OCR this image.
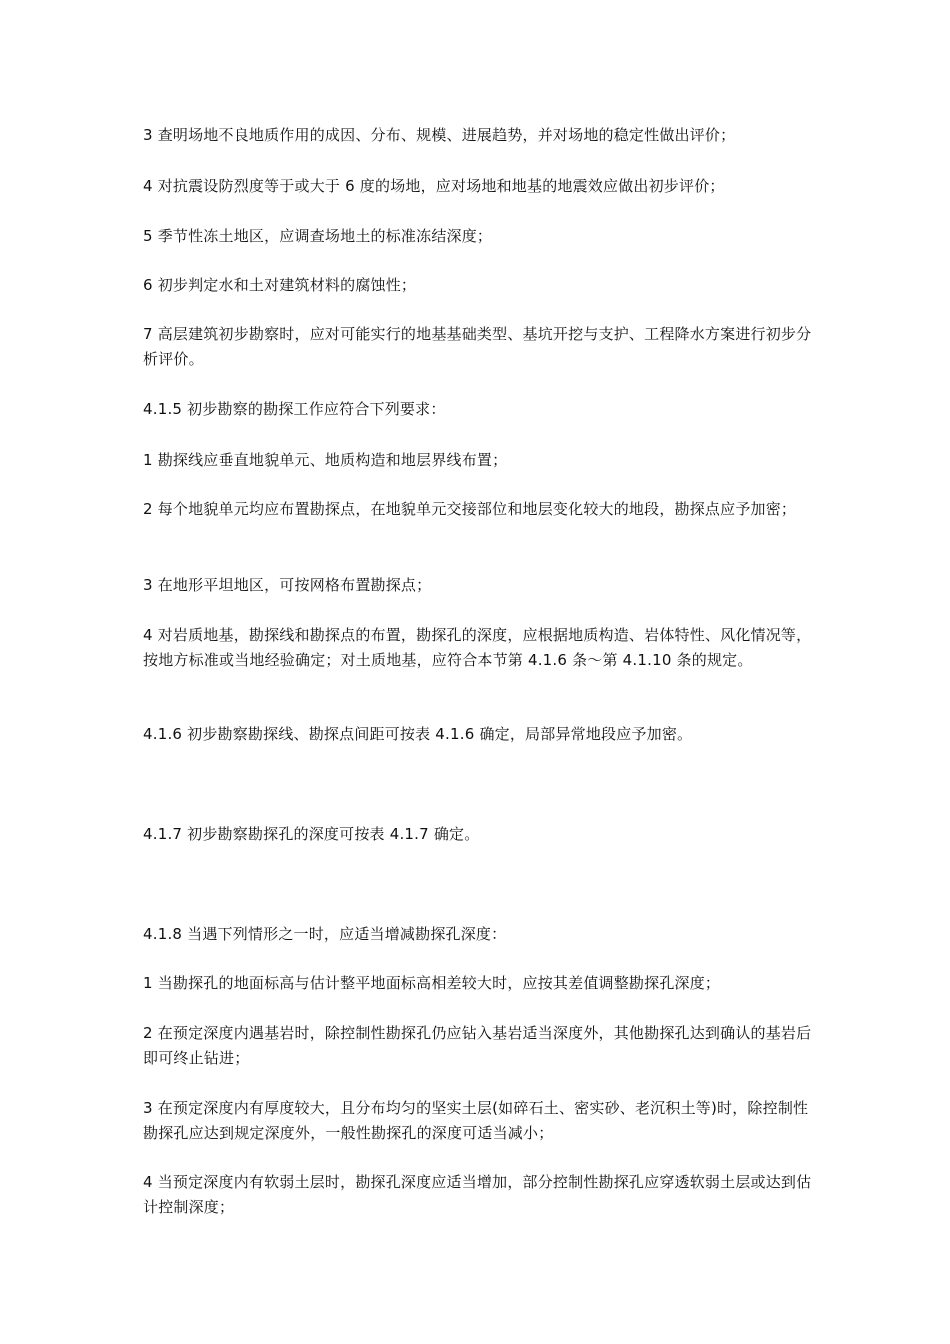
3 查明场地不良地质作用的成因、分布、规模、进展趋势，并对场地的稳定性做出评价；

4 对抗震设防烈度等于或大于 6 度的场地，应对场地和地基的地震效应做出初步评价；

5 季节性冻土地区，应调查场地土的标准冻结深度；

6 初步判定水和土对建筑材料的腐蚀性；

7 高层建筑初步勘察时，应对可能实行的地基基础类型、基坑开挖与支护、工程降水方案进行初步分析评价。

4.1.5 初步勘察的勘探工作应符合下列要求：

1 勘探线应垂直地貌单元、地质构造和地层界线布置；

2 每个地貌单元均应布置勘探点，在地貌单元交接部位和地层变化较大的地段，勘探点应予加密；

3 在地形平坦地区，可按网格布置勘探点；

4 对岩质地基，勘探线和勘探点的布置，勘探孔的深度，应根据地质构造、岩体特性、风化情况等，按地方标准或当地经验确定；对土质地基，应符合本节第 4.1.6 条～第 4.1.10 条的规定。

4.1.6 初步勘察勘探线、勘探点间距可按表 4.1.6 确定，局部异常地段应予加密。

4.1.7 初步勘察勘探孔的深度可按表 4.1.7 确定。

4.1.8 当遇下列情形之一时，应适当增减勘探孔深度：

1 当勘探孔的地面标高与估计整平地面标高相差较大时，应按其差值调整勘探孔深度；

2 在预定深度内遇基岩时，除控制性勘探孔仍应钻入基岩适当深度外，其他勘探孔达到确认的基岩后即可终止钻进；

3 在预定深度内有厚度较大，且分布均匀的坚实土层(如碎石土、密实砂、老沉积土等)时，除控制性勘探孔应达到规定深度外，一般性勘探孔的深度可适当减小；

4 当预定深度内有软弱土层时，勘探孔深度应适当增加，部分控制性勘探孔应穿透软弱土层或达到估计控制深度；
